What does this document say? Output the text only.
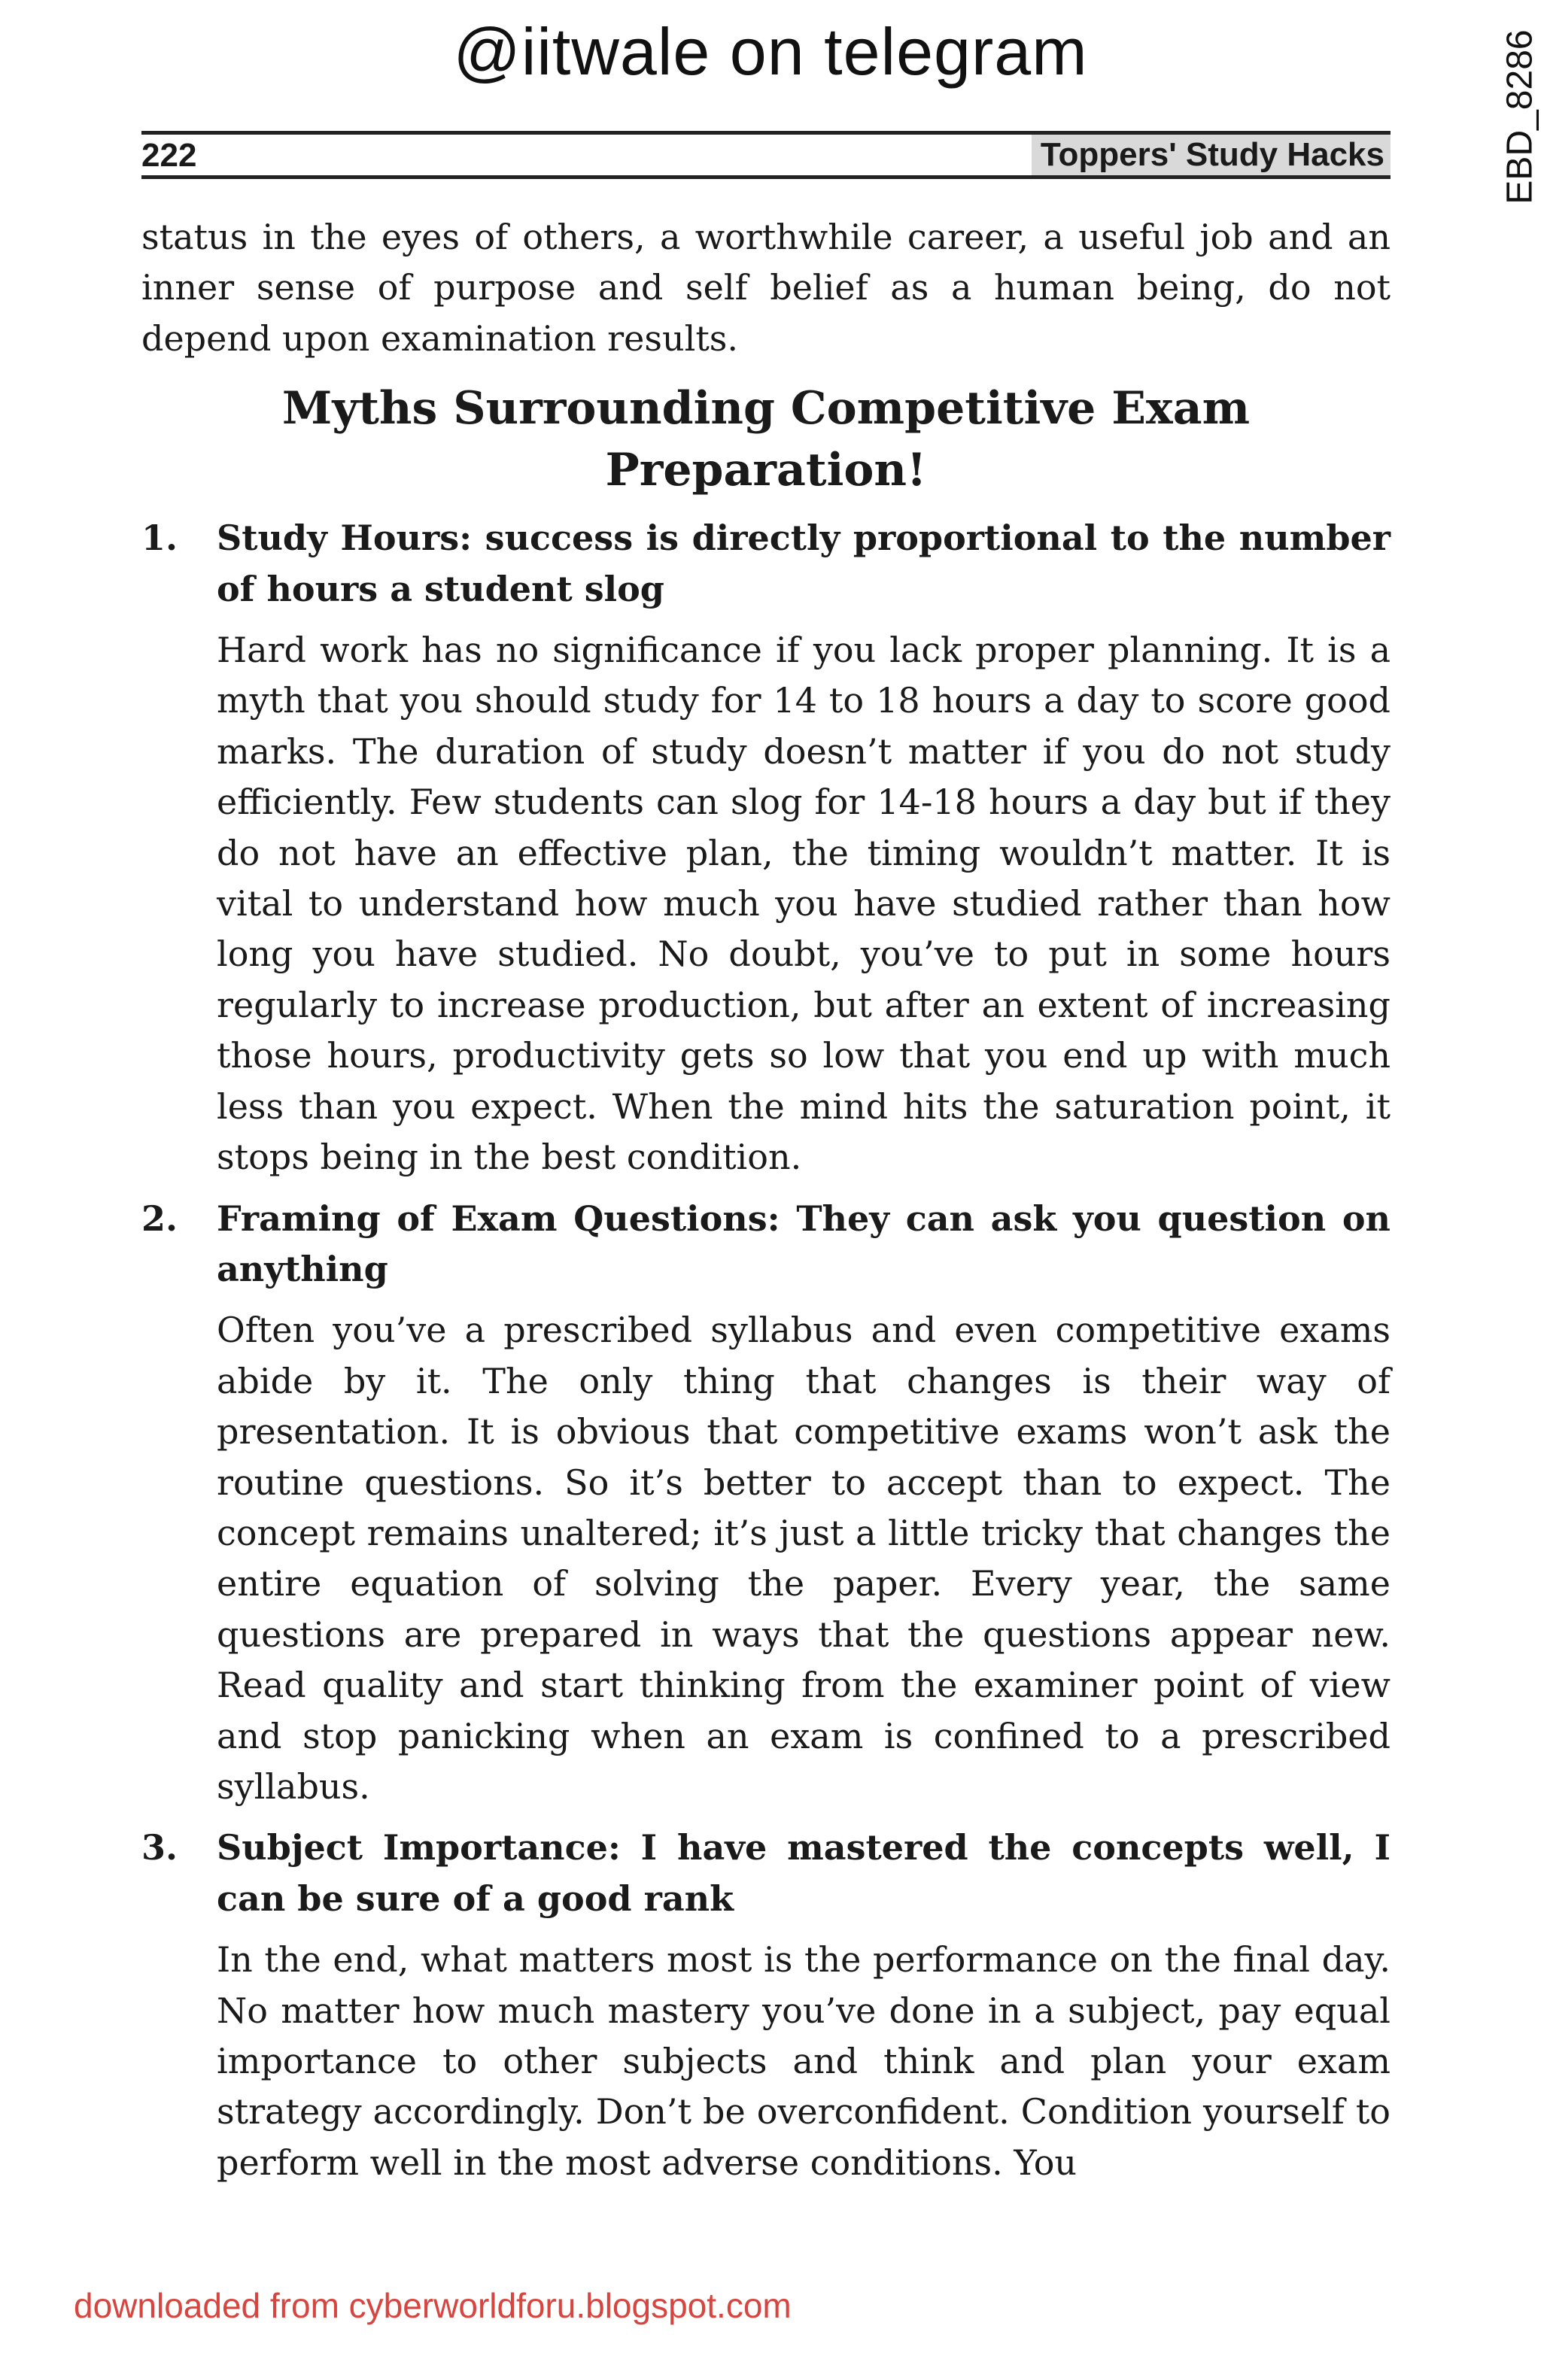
@iitwale on telegram	EBD_8286
222	Toppers' Study Hacks

status in the eyes of others, a worthwhile career, a useful job and an inner sense of purpose and self belief as a human being, do not depend upon examination results.

Myths Surrounding Competitive Exam Preparation!
1. Study Hours: success is directly proportional to the number of hours a student slog

Hard work has no significance if you lack proper planning. It is a myth that you should study for 14 to 18 hours a day to score good marks. The duration of study doesn’t matter if you do not study efficiently. Few students can slog for 14-18 hours a day but if they do not have an effective plan, the timing wouldn’t matter. It is vital to understand how much you have studied rather than how long you have studied. No doubt, you’ve to put in some hours regularly to increase production, but after an extent of increasing those hours, productivity gets so low that you end up with much less than you expect. When the mind hits the saturation point, it stops being in the best condition.

2. Framing of Exam Questions: They can ask you question on anything

Often you’ve a prescribed syllabus and even competitive exams abide by it. The only thing that changes is their way of presentation. It is obvious that competitive exams won’t ask the routine questions. So it’s better to accept than to expect. The concept remains unaltered; it’s just a little tricky that changes the entire equation of solving the paper. Every year, the same questions are prepared in ways that the questions appear new. Read quality and start thinking from the examiner point of view and stop panicking when an exam is confined to a prescribed syllabus.

3. Subject Importance: I have mastered the concepts well, I can be sure of a good rank

In the end, what matters most is the performance on the final day. No matter how much mastery you’ve done in a subject, pay equal importance to other subjects and think and plan your exam strategy accordingly. Don’t be overconfident. Condition yourself to perform well in the most adverse conditions. You

downloaded from cyberworldforu.blogspot.com
